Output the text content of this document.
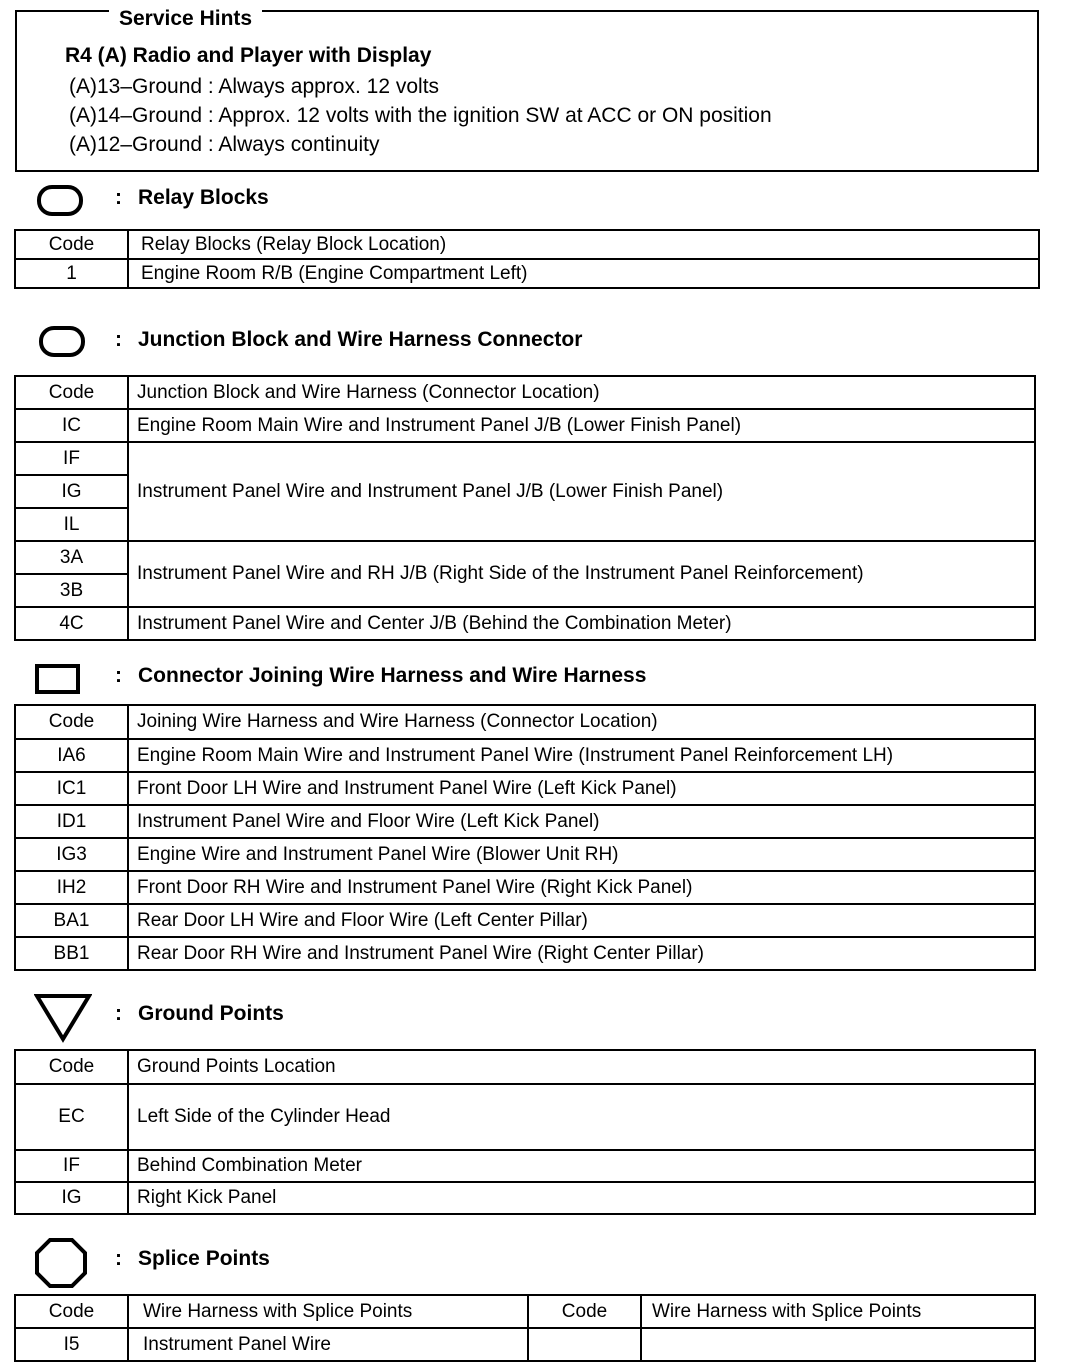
Service Hints
R4 (A) Radio and Player with Display
(A)13–Ground : Always approx. 12 volts
(A)14–Ground : Approx. 12 volts with the ignition SW at ACC or ON position
(A)12–Ground : Always continuity
: Relay Blocks
Code	Relay Blocks (Relay Block Location)
1	Engine Room R/B (Engine Compartment Left)
: Junction Block and Wire Harness Connector
Code	Junction Block and Wire Harness (Connector Location)
IC	Engine Room Main Wire and Instrument Panel J/B (Lower Finish Panel)
IF	Instrument Panel Wire and Instrument Panel J/B (Lower Finish Panel)
IG	
IL	
3A	Instrument Panel Wire and RH J/B (Right Side of the Instrument Panel Reinforcement)
3B	
4C	Instrument Panel Wire and Center J/B (Behind the Combination Meter)
: Connector Joining Wire Harness and Wire Harness
Code	Joining Wire Harness and Wire Harness (Connector Location)
IA6	Engine Room Main Wire and Instrument Panel Wire (Instrument Panel Reinforcement LH)
IC1	Front Door LH Wire and Instrument Panel Wire (Left Kick Panel)
ID1	Instrument Panel Wire and Floor Wire (Left Kick Panel)
IG3	Engine Wire and Instrument Panel Wire (Blower Unit RH)
IH2	Front Door RH Wire and Instrument Panel Wire (Right Kick Panel)
BA1	Rear Door LH Wire and Floor Wire (Left Center Pillar)
BB1	Rear Door RH Wire and Instrument Panel Wire (Right Center Pillar)
: Ground Points
Code	Ground Points Location
EC	Left Side of the Cylinder Head
IF	Behind Combination Meter
IG	Right Kick Panel
: Splice Points
Code	Wire Harness with Splice Points	Code	Wire Harness with Splice Points
I5	Instrument Panel Wire		
